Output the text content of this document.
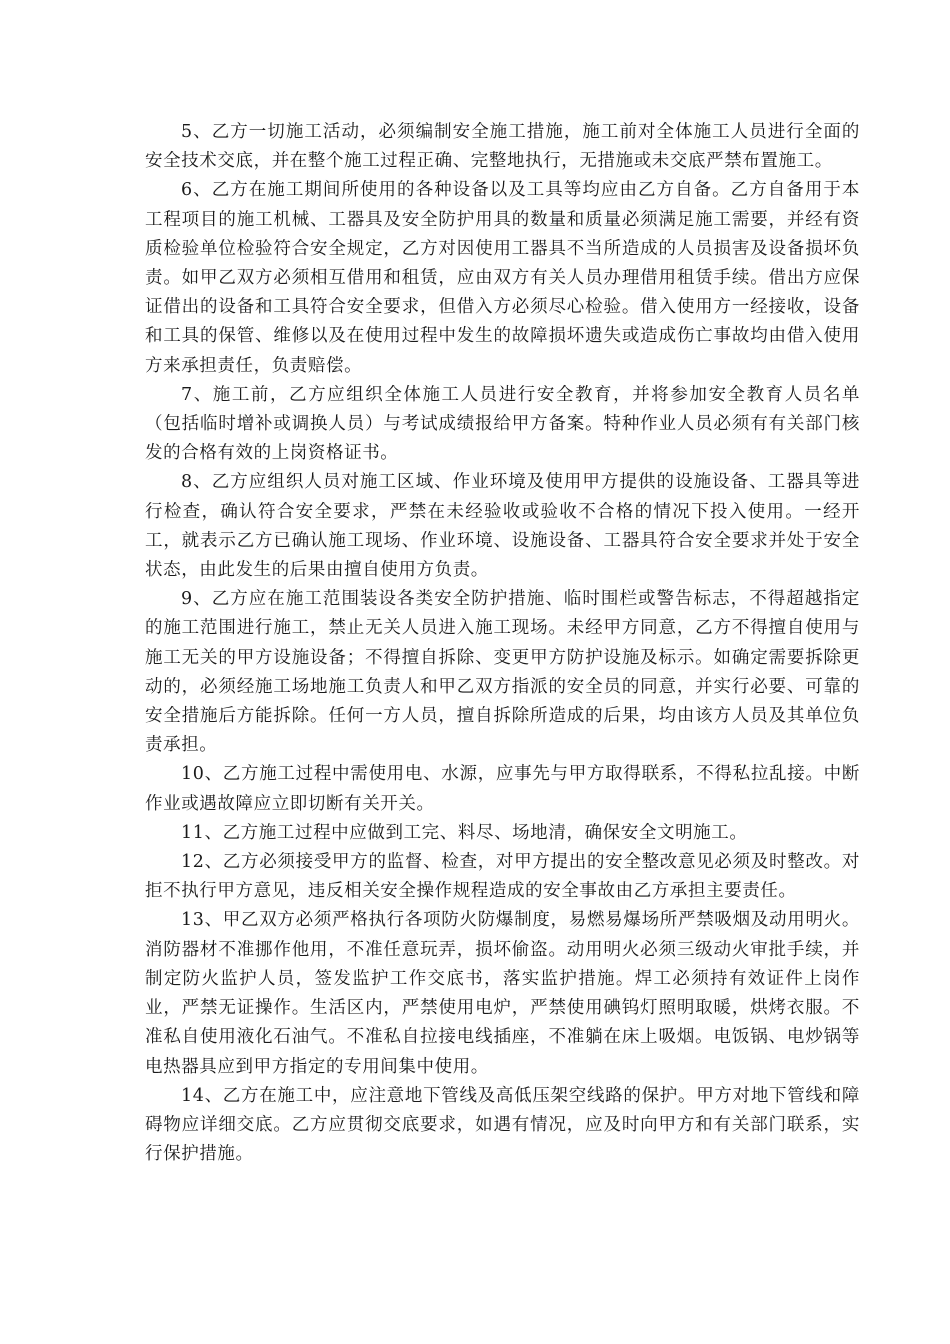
5、乙方一切施工活动，必须编制安全施工措施，施工前对全体施工人员进行全面的安全技术交底，并在整个施工过程正确、完整地执行，无措施或未交底严禁布置施工。

6、乙方在施工期间所使用的各种设备以及工具等均应由乙方自备。乙方自备用于本工程项目的施工机械、工器具及安全防护用具的数量和质量必须满足施工需要，并经有资质检验单位检验符合安全规定，乙方对因使用工器具不当所造成的人员损害及设备损坏负责。如甲乙双方必须相互借用和租赁，应由双方有关人员办理借用租赁手续。借出方应保证借出的设备和工具符合安全要求，但借入方必须尽心检验。借入使用方一经接收，设备和工具的保管、维修以及在使用过程中发生的故障损坏遗失或造成伤亡事故均由借入使用方来承担责任，负责赔偿。

7、施工前，乙方应组织全体施工人员进行安全教育，并将参加安全教育人员名单（包括临时增补或调换人员）与考试成绩报给甲方备案。特种作业人员必须有有关部门核发的合格有效的上岗资格证书。

8、乙方应组织人员对施工区域、作业环境及使用甲方提供的设施设备、工器具等进行检查，确认符合安全要求，严禁在未经验收或验收不合格的情况下投入使用。一经开工，就表示乙方已确认施工现场、作业环境、设施设备、工器具符合安全要求并处于安全状态，由此发生的后果由擅自使用方负责。

9、乙方应在施工范围装设各类安全防护措施、临时围栏或警告标志，不得超越指定的施工范围进行施工，禁止无关人员进入施工现场。未经甲方同意，乙方不得擅自使用与施工无关的甲方设施设备；不得擅自拆除、变更甲方防护设施及标示。如确定需要拆除更动的，必须经施工场地施工负责人和甲乙双方指派的安全员的同意，并实行必要、可靠的安全措施后方能拆除。任何一方人员，擅自拆除所造成的后果，均由该方人员及其单位负责承担。

10、乙方施工过程中需使用电、水源，应事先与甲方取得联系，不得私拉乱接。中断作业或遇故障应立即切断有关开关。

11、乙方施工过程中应做到工完、料尽、场地清，确保安全文明施工。

12、乙方必须接受甲方的监督、检查，对甲方提出的安全整改意见必须及时整改。对拒不执行甲方意见，违反相关安全操作规程造成的安全事故由乙方承担主要责任。

13、甲乙双方必须严格执行各项防火防爆制度，易燃易爆场所严禁吸烟及动用明火。消防器材不准挪作他用，不准任意玩弄，损坏偷盗。动用明火必须三级动火审批手续，并制定防火监护人员，签发监护工作交底书，落实监护措施。焊工必须持有效证件上岗作业，严禁无证操作。生活区内，严禁使用电炉，严禁使用碘钨灯照明取暖，烘烤衣服。不准私自使用液化石油气。不准私自拉接电线插座，不准躺在床上吸烟。电饭锅、电炒锅等电热器具应到甲方指定的专用间集中使用。

14、乙方在施工中，应注意地下管线及高低压架空线路的保护。甲方对地下管线和障碍物应详细交底。乙方应贯彻交底要求，如遇有情况，应及时向甲方和有关部门联系，实行保护措施。
